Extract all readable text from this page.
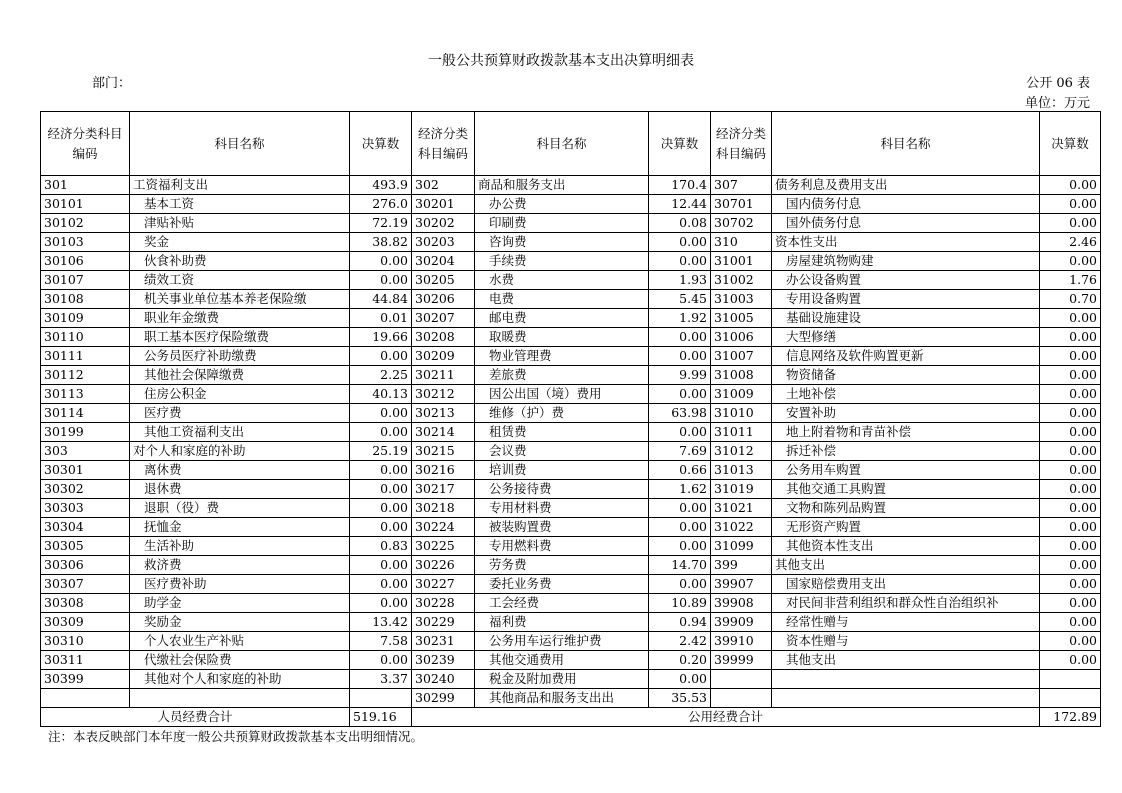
一般公共预算财政拨款基本支出决算明细表
部门：	公开 06 表
单位：万元
经济分类科目编码	科目名称	决算数	经济分类科目编码	科目名称	决算数	经济分类科目编码	科目名称	决算数
301	工资福利支出	493.9	302	商品和服务支出	170.4	307	债务利息及费用支出	0.00
30101	基本工资	276.0	30201	办公费	12.44	30701	国内债务付息	0.00
30102	津贴补贴	72.19	30202	印刷费	0.08	30702	国外债务付息	0.00
30103	奖金	38.82	30203	咨询费	0.00	310	资本性支出	2.46
30106	伙食补助费	0.00	30204	手续费	0.00	31001	房屋建筑物购建	0.00
30107	绩效工资	0.00	30205	水费	1.93	31002	办公设备购置	1.76
30108	机关事业单位基本养老保险缴	44.84	30206	电费	5.45	31003	专用设备购置	0.70
30109	职业年金缴费	0.01	30207	邮电费	1.92	31005	基础设施建设	0.00
30110	职工基本医疗保险缴费	19.66	30208	取暖费	0.00	31006	大型修缮	0.00
30111	公务员医疗补助缴费	0.00	30209	物业管理费	0.00	31007	信息网络及软件购置更新	0.00
30112	其他社会保障缴费	2.25	30211	差旅费	9.99	31008	物资储备	0.00
30113	住房公积金	40.13	30212	因公出国（境）费用	0.00	31009	土地补偿	0.00
30114	医疗费	0.00	30213	维修（护）费	63.98	31010	安置补助	0.00
30199	其他工资福利支出	0.00	30214	租赁费	0.00	31011	地上附着物和青苗补偿	0.00
303	对个人和家庭的补助	25.19	30215	会议费	7.69	31012	拆迁补偿	0.00
30301	离休费	0.00	30216	培训费	0.66	31013	公务用车购置	0.00
30302	退休费	0.00	30217	公务接待费	1.62	31019	其他交通工具购置	0.00
30303	退职（役）费	0.00	30218	专用材料费	0.00	31021	文物和陈列品购置	0.00
30304	抚恤金	0.00	30224	被装购置费	0.00	31022	无形资产购置	0.00
30305	生活补助	0.83	30225	专用燃料费	0.00	31099	其他资本性支出	0.00
30306	救济费	0.00	30226	劳务费	14.70	399	其他支出	0.00
30307	医疗费补助	0.00	30227	委托业务费	0.00	39907	国家赔偿费用支出	0.00
30308	助学金	0.00	30228	工会经费	10.89	39908	对民间非营利组织和群众性自治组织补	0.00
30309	奖励金	13.42	30229	福利费	0.94	39909	经常性赠与	0.00
30310	个人农业生产补贴	7.58	30231	公务用车运行维护费	2.42	39910	资本性赠与	0.00
30311	代缴社会保险费	0.00	30239	其他交通费用	0.20	39999	其他支出	0.00
30399	其他对个人和家庭的补助	3.37	30240	税金及附加费用	0.00			
			30299	其他商品和服务支出出	35.53			
人员经费合计		519.16	公用经费合计					172.89
注：本表反映部门本年度一般公共预算财政拨款基本支出明细情况。
